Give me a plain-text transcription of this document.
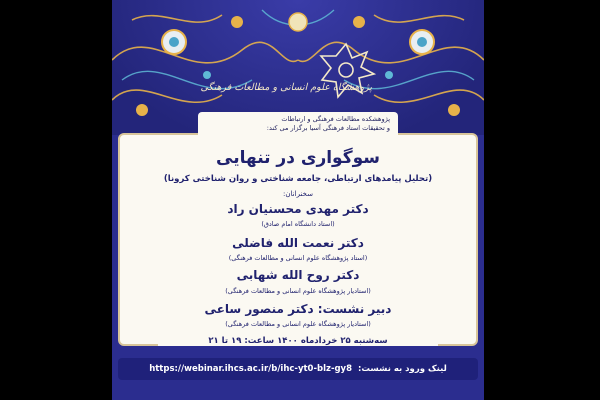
پژوهشگاه علوم انسانی و مطالعات فرهنگی
پژوهشکده مطالعات فرهنگی و ارتباطات
و تحقیقات استاد فرهنگی آسیا برگزار می کند:
سوگواری در تنهایی
(تحلیل پیامدهای ارتباطی، جامعه شناختی و روان شناختی کرونا)
سخنرانان:
دکتر مهدی محسنیان راد
(استاد دانشگاه امام صادق)
دکتر نعمت الله فاضلی
(استاد پژوهشگاه علوم انسانی و مطالعات فرهنگی)
دکتر روح الله شهابی
(استادیار پژوهشگاه علوم انسانی و مطالعات فرهنگی)
دبیر نشست: دکتر منصور ساعی
(استادیار پژوهشگاه علوم انسانی و مطالعات فرهنگی)
سه‌شنبه ۲۵ خردادماه ۱۴۰۰ ساعت: ۱۹ تا ۲۱
لینک ورود به نشست:
https://webinar.ihcs.ac.ir/b/ihc-yt0-blz-gy8
